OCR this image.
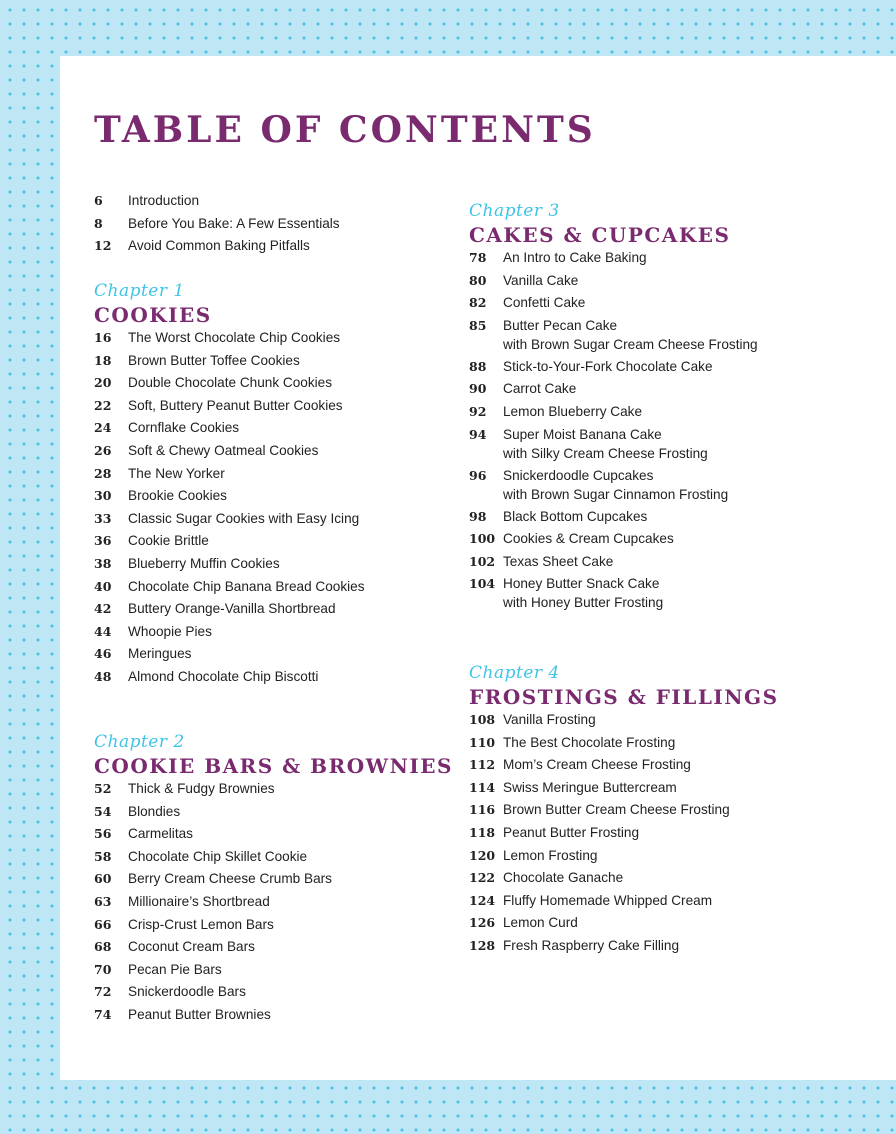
TABLE OF CONTENTS
6	Introduction
8	Before You Bake: A Few Essentials
12	Avoid Common Baking Pitfalls
Chapter 1
COOKIES
16	The Worst Chocolate Chip Cookies
18	Brown Butter Toffee Cookies
20	Double Chocolate Chunk Cookies
22	Soft, Buttery Peanut Butter Cookies
24	Cornflake Cookies
26	Soft & Chewy Oatmeal Cookies
28	The New Yorker
30	Brookie Cookies
33	Classic Sugar Cookies with Easy Icing
36	Cookie Brittle
38	Blueberry Muffin Cookies
40	Chocolate Chip Banana Bread Cookies
42	Buttery Orange-Vanilla Shortbread
44	Whoopie Pies
46	Meringues
48	Almond Chocolate Chip Biscotti
Chapter 2
COOKIE BARS & BROWNIES
52	Thick & Fudgy Brownies
54	Blondies
56	Carmelitas
58	Chocolate Chip Skillet Cookie
60	Berry Cream Cheese Crumb Bars
63	Millionaire’s Shortbread
66	Crisp-Crust Lemon Bars
68	Coconut Cream Bars
70	Pecan Pie Bars
72	Snickerdoodle Bars
74	Peanut Butter Brownies
Chapter 3
CAKES & CUPCAKES
78	An Intro to Cake Baking
80	Vanilla Cake
82	Confetti Cake
85	Butter Pecan Cake
with Brown Sugar Cream Cheese Frosting
88	Stick-to-Your-Fork Chocolate Cake
90	Carrot Cake
92	Lemon Blueberry Cake
94	Super Moist Banana Cake
with Silky Cream Cheese Frosting
96	Snickerdoodle Cupcakes
with Brown Sugar Cinnamon Frosting
98	Black Bottom Cupcakes
100 Cookies & Cream Cupcakes
102 Texas Sheet Cake
104 Honey Butter Snack Cake
with Honey Butter Frosting
Chapter 4
FROSTINGS & FILLINGS
108 Vanilla Frosting
110 The Best Chocolate Frosting
112 Mom’s Cream Cheese Frosting
114 Swiss Meringue Buttercream
116 Brown Butter Cream Cheese Frosting
118 Peanut Butter Frosting
120 Lemon Frosting
122 Chocolate Ganache
124 Fluffy Homemade Whipped Cream
126 Lemon Curd
128 Fresh Raspberry Cake Filling
